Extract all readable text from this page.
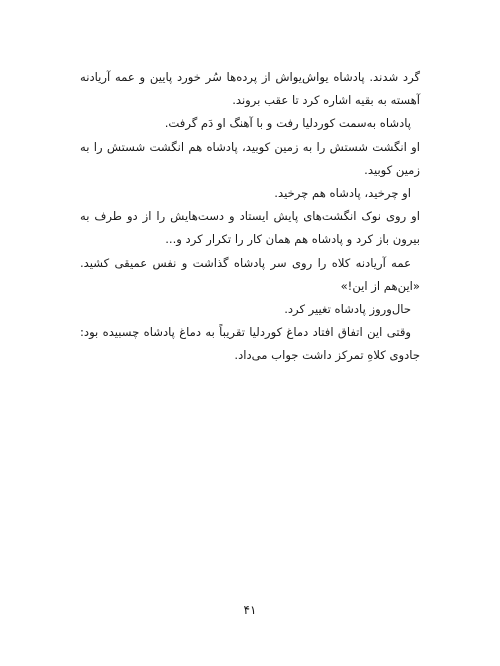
گرد شدند. پادشاه یواش‌یواش از پرده‌ها سُر خورد پایین و عمه آریادنه
آهسته به بقیه اشاره کرد تا عقب بروند.
پادشاه به‌سمت کوردلیا رفت و با آهنگ او دَم گرفت.
او انگشت شستش را به زمین کوبید، پادشاه هم انگشت شستش را به
زمین کوبید.
او چرخید، پادشاه هم چرخید.
او روی نوک انگشت‌های پایش ایستاد و دست‌هایش را از دو طرف به
بیرون باز کرد و پادشاه هم همان کار را تکرار کرد و...
عمه آریادنه کلاه را روی سر پادشاه گذاشت و نفس عمیقی کشید.
«این‌هم از این!»
حال‌وروز پادشاه تغییر کرد.
وقتی این اتفاق افتاد دماغ کوردلیا تقریباً به دماغ پادشاه چسبیده بود:
جادوی کلاهِ تمرکز داشت جواب می‌داد.
۴۱
